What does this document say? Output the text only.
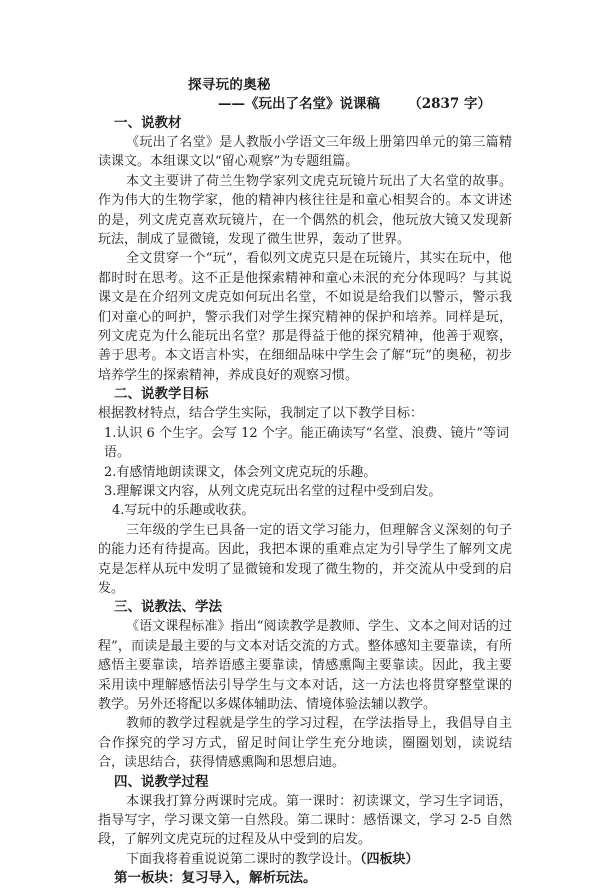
探寻玩的奥秘
——《玩出了名堂》说课稿 （2837 字）
一、说教材

《玩出了名堂》是人教版小学语文三年级上册第四单元的第三篇精读课文。本组课文以“留心观察”为专题组篇。

本文主要讲了荷兰生物学家列文虎克玩镜片玩出了大名堂的故事。作为伟大的生物学家，他的精神内核往往是和童心相契合的。本文讲述的是，列文虎克喜欢玩镜片，在一个偶然的机会，他玩放大镜又发现新玩法，制成了显微镜，发现了微生世界，轰动了世界。

全文贯穿一个“玩”，看似列文虎克只是在玩镜片，其实在玩中，他都时时在思考。这不正是他探索精神和童心未泯的充分体现吗？与其说课文是在介绍列文虎克如何玩出名堂，不如说是给我们以警示，警示我们对童心的呵护，警示我们对学生探究精神的保护和培养。同样是玩，列文虎克为什么能玩出名堂？那是得益于他的探究精神，他善于观察，善于思考。本文语言朴实，在细细品味中学生会了解“玩”的奥秘，初步培养学生的探索精神，养成良好的观察习惯。

二、说教学目标

根据教材特点，结合学生实际，我制定了以下教学目标：

1.认识 6 个生字。会写 12 个字。能正确读写“名堂、浪费、镜片”等词语。
2.有感情地朗读课文，体会列文虎克玩的乐趣。
3.理解课文内容，从列文虎克玩出名堂的过程中受到启发。
4.写玩中的乐趣或收获。

三年级的学生已具备一定的语文学习能力，但理解含义深刻的句子的能力还有待提高。因此，我把本课的重难点定为引导学生了解列文虎克是怎样从玩中发明了显微镜和发现了微生物的，并交流从中受到的启发。

三、说教法、学法

《语文课程标准》指出“阅读教学是教师、学生、文本之间对话的过程”，而读是最主要的与文本对话交流的方式。整体感知主要靠读，有所感悟主要靠读，培养语感主要靠读，情感熏陶主要靠读。因此，我主要采用读中理解感悟法引导学生与文本对话，这一方法也将贯穿整堂课的教学。另外还将配以多媒体辅助法、情境体验法辅以教学。

教师的教学过程就是学生的学习过程，在学法指导上，我倡导自主合作探究的学习方式，留足时间让学生充分地读，圈圈划划，读说结合，读思结合，获得情感熏陶和思想启迪。

四、说教学过程

本课我打算分两课时完成。第一课时：初读课文，学习生字词语，指导写字，学习课文第一自然段。第二课时：感悟课文，学习 2-5 自然段，了解列文虎克玩的过程及从中受到的启发。

下面我将着重说说第二课时的教学设计。（四板块）

第一板块：复习导入，解析玩法。
